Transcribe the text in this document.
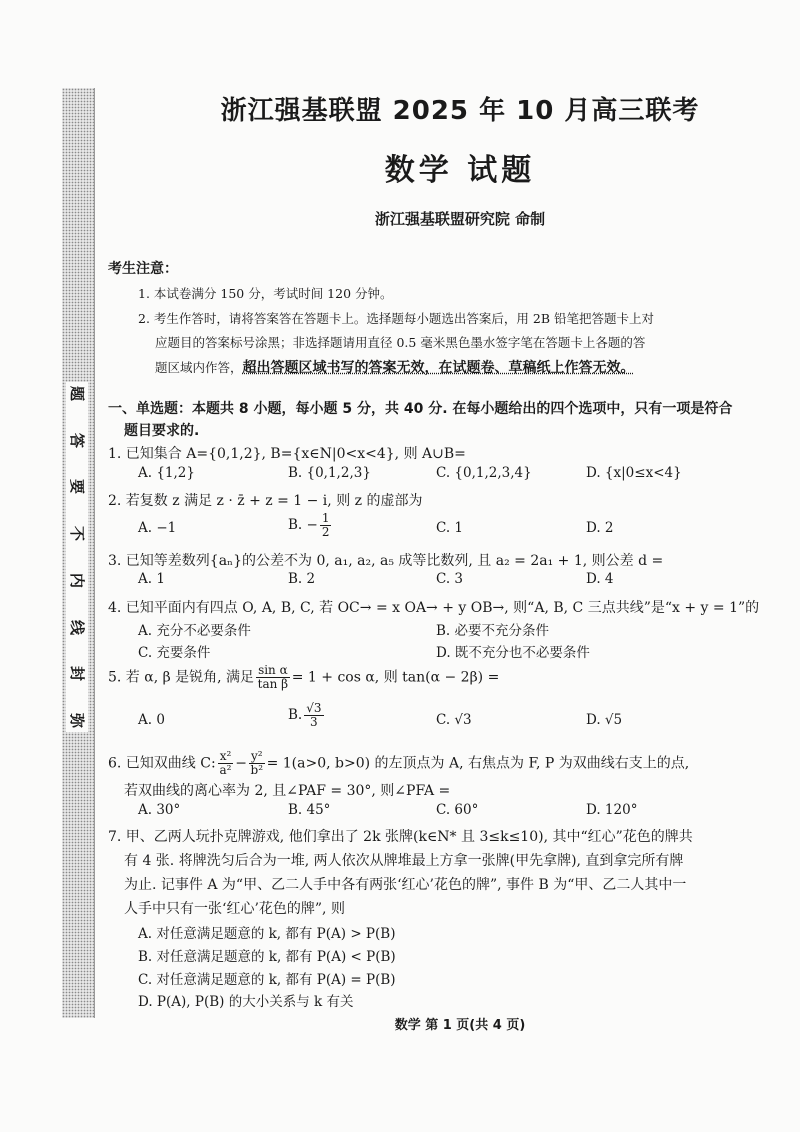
题
答
要
不
内
线
封
弥
浙江强基联盟 2025 年 10 月高三联考
数学 试题
浙江强基联盟研究院 命制
考生注意：
1. 本试卷满分 150 分，考试时间 120 分钟。
2. 考生作答时，请将答案答在答题卡上。选择题每小题选出答案后，用 2B 铅笔把答题卡上对
应题目的答案标号涂黑；非选择题请用直径 0.5 毫米黑色墨水签字笔在答题卡上各题的答
题区域内作答，超出答题区域书写的答案无效，在试题卷、草稿纸上作答无效。
一、单选题：本题共 8 小题，每小题 5 分，共 40 分. 在每小题给出的四个选项中，只有一项是符合
题目要求的.
1. 已知集合 A={0,1,2}, B={x∈N|0<x<4}, 则 A∪B=
A. {1,2}	B. {0,1,2,3}	C. {0,1,2,3,4}	D. {x|0≤x<4}
2. 若复数 z 满足 z · z̄ + z = 1 − i, 则 z 的虚部为
A. −1	B. − $\frac{1}{2}$	C. 1	D. 2
3. 已知等差数列{aₙ}的公差不为 0, a₁, a₂, a₅ 成等比数列, 且 a₂ = 2a₁ + 1, 则公差 d =
A. 1	B. 2	C. 3	D. 4
4. 已知平面内有四点 O, A, B, C, 若 OC→ = x OA→ + y OB→, 则“A, B, C 三点共线”是“x + y = 1”的
A. 充分不必要条件	B. 必要不充分条件
C. 充要条件	D. 既不充分也不必要条件
5. 若 α, β 是锐角, 满足 $\frac{\text{sin α}}{\text{tan β}} = 1 + \cos \alpha$, 则 tan(α − 2β) =
A. 0	B. $\frac{√3}{3}$	C. √3	D. √5
6. 已知双曲线 C: $\frac{\text{x²}}{\text{a²}} - \frac{\text{y²}}{\text{b²}} = 1(a>0$, b>0) 的左顶点为 A, 右焦点为 F, P 为双曲线右支上的点,
若双曲线的离心率为 2, 且∠PAF = 30°, 则∠PFA =
A. 30°	B. 45°	C. 60°	D. 120°
7. 甲、乙两人玩扑克牌游戏, 他们拿出了 2k 张牌(k∈N* 且 3≤k≤10), 其中“红心”花色的牌共
有 4 张. 将牌洗匀后合为一堆, 两人依次从牌堆最上方拿一张牌(甲先拿牌), 直到拿完所有牌
为止. 记事件 A 为“甲、乙二人手中各有两张‘红心’花色的牌”, 事件 B 为“甲、乙二人其中一
人手中只有一张‘红心’花色的牌”, 则
A. 对任意满足题意的 k, 都有 P(A) > P(B)
B. 对任意满足题意的 k, 都有 P(A) < P(B)
C. 对任意满足题意的 k, 都有 P(A) = P(B)
D. P(A), P(B) 的大小关系与 k 有关
数学 第 1 页(共 4 页)
